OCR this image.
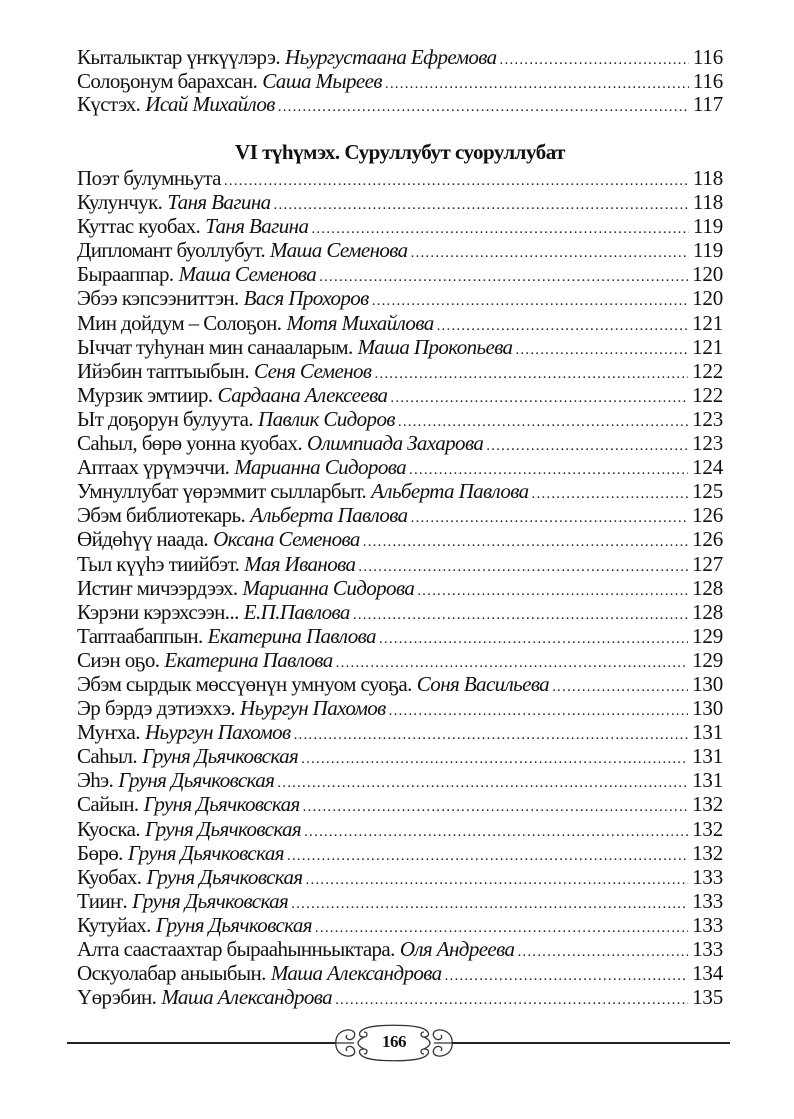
Кыталыктар үҥкүүлэрэ. Ньургустаана Ефремова .....	116
Солоҕонум барахсан. Саша Мыреев .....	116
Күстэх. Исай Михайлов .....	117
VI түhүмэх. Суруллубут суоруллубат
Поэт булумньута .....	118
Кулунчук. Таня Вагина .....	118
Куттас куобах. Таня Вагина .....	119
Дипломант буоллубут. Маша Семенова .....	119
Бырааппар. Маша Семенова .....	120
Эбээ кэпсээниттэн. Вася Прохоров .....	120
Мин дойдум – Солоҕон. Мотя Михайлова .....	121
Ыччат туhунан мин санааларым. Маша Прокопьева .....	121
Ийэбин таптыыбын. Сеня Семенов .....	122
Мурзик эмтиир. Сардаана Алексеева .....	122
Ыт доҕорун булуута. Павлик Сидоров .....	123
Саhыл, бөрө уонна куобах. Олимпиада Захарова .....	123
Аптаах үрүмэччи. Марианна Сидорова .....	124
Умнуллубат үөрэммит сылларбыт. Альберта Павлова .....	125
Эбэм библиотекарь. Альберта Павлова .....	126
Өйдөhүү наада. Оксана Семенова .....	126
Тыл күүhэ тиийбэт. Мая Иванова .....	127
Истиҥ мичээрдээх. Марианна Сидорова .....	128
Кэрэни кэрэхсээн... Е.П.Павлова .....	128
Таптаабаппын. Екатерина Павлова .....	129
Сиэн оҕо. Екатерина Павлова .....	129
Эбэм сырдык мөссүөнүн умнуом суоҕа. Соня Васильева .....	130
Эр бэрдэ дэтиэххэ. Ньургун Пахомов .....	130
Муҥха. Ньургун Пахомов .....	131
Саhыл. Груня Дьячковская .....	131
Эhэ. Груня Дьячковская .....	131
Сайын. Груня Дьячковская .....	132
Куоска. Груня Дьячковская .....	132
Бөрө. Груня Дьячковская .....	132
Куобах. Груня Дьячковская .....	133
Тииҥ. Груня Дьячковская .....	133
Кутуйах. Груня Дьячковская .....	133
Алта саастаахтар бырааhынньыктара. Оля Андреева .....	133
Оскуолабар аныыбын. Маша Александрова .....	134
Үөрэбин. Маша Александрова .....	135
166
